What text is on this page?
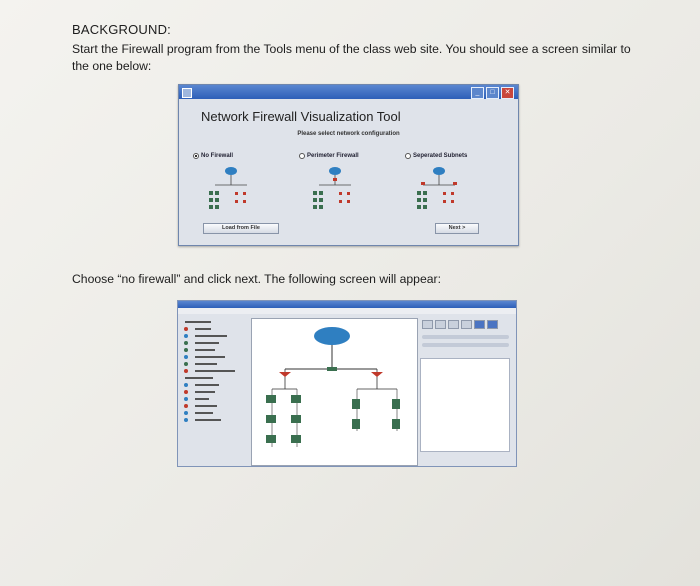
BACKGROUND:
Start the Firewall program from the Tools menu of the class web site. You should see a screen similar to the one below:
_	□	✕
Network Firewall Visualization Tool
Please select network configuration
No Firewall	Perimeter Firewall	Seperated Subnets
Load from File	Next >
Choose “no firewall” and click next. The following screen will appear:
